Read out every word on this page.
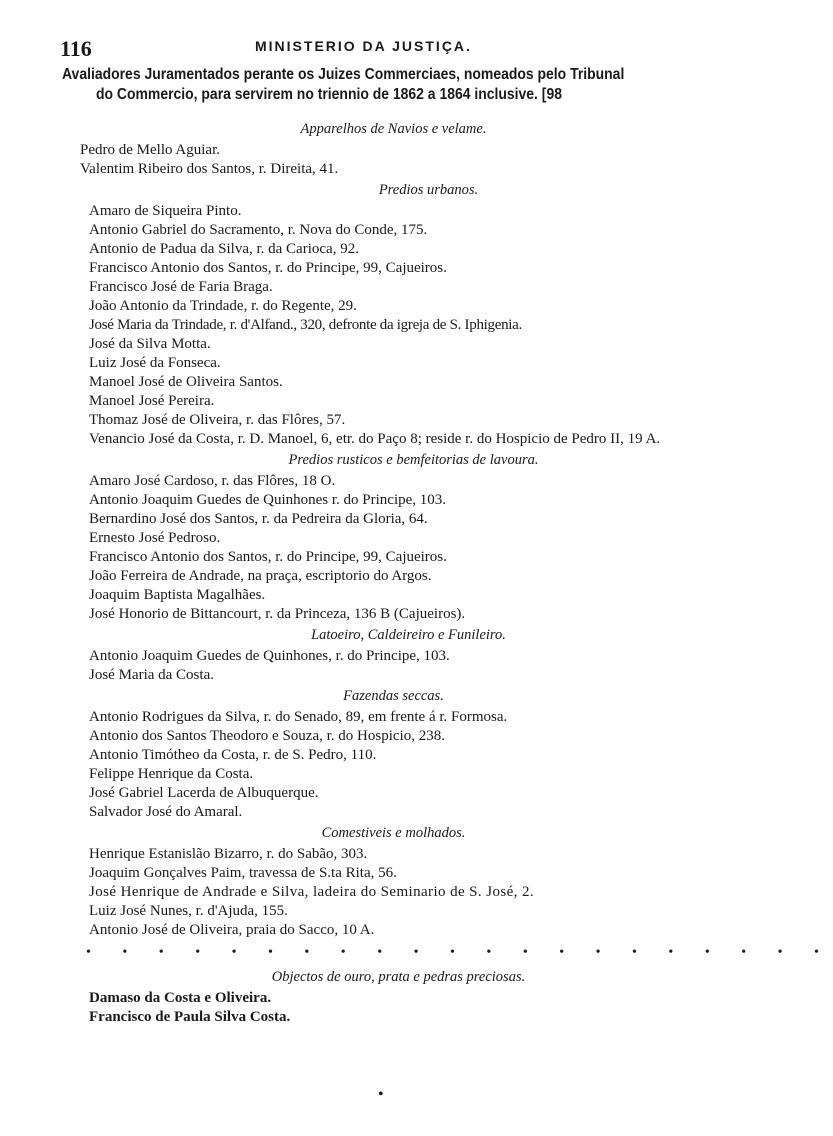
116	MINISTERIO DA JUSTIÇA.
Avaliadores Juramentados perante os Juizes Commerciaes, nomeados pelo Tribunal
do Commercio, para servirem no triennio de 1862 a 1864 inclusive. [98
Apparelhos de Navios e velame.
Pedro de Mello Aguiar.
Valentim Ribeiro dos Santos, r. Direita, 41.
Predios urbanos.
Amaro de Siqueira Pinto.
Antonio Gabriel do Sacramento, r. Nova do Conde, 175.
Antonio de Padua da Silva, r. da Carioca, 92.
Francisco Antonio dos Santos, r. do Principe, 99, Cajueiros.
Francisco José de Faria Braga.
João Antonio da Trindade, r. do Regente, 29.
José Maria da Trindade, r. d'Alfand., 320, defronte da igreja de S. Iphigenia.
José da Silva Motta.
Luiz José da Fonseca.
Manoel José de Oliveira Santos.
Manoel José Pereira.
Thomaz José de Oliveira, r. das Flôres, 57.
Venancio José da Costa, r. D. Manoel, 6, etr. do Paço 8; reside r. do Hospicio de Pedro II, 19 A.
Predios rusticos e bemfeitorias de lavoura.
Amaro José Cardoso, r. das Flôres, 18 O.
Antonio Joaquim Guedes de Quinhones r. do Principe, 103.
Bernardino José dos Santos, r. da Pedreira da Gloria, 64.
Ernesto José Pedroso.
Francisco Antonio dos Santos, r. do Principe, 99, Cajueiros.
João Ferreira de Andrade, na praça, escriptorio do Argos.
Joaquim Baptista Magalhães.
José Honorio de Bittancourt, r. da Princeza, 136 B (Cajueiros).
Latoeiro, Caldeireiro e Funileiro.
Antonio Joaquim Guedes de Quinhones, r. do Principe, 103.
José Maria da Costa.
Fazendas seccas.
Antonio Rodrigues da Silva, r. do Senado, 89, em frente á r. Formosa.
Antonio dos Santos Theodoro e Souza, r. do Hospicio, 238.
Antonio Timótheo da Costa, r. de S. Pedro, 110.
Felippe Henrique da Costa.
José Gabriel Lacerda de Albuquerque.
Salvador José do Amaral.
Comestiveis e molhados.
Henrique Estanislão Bizarro, r. do Sabão, 303.
Joaquim Gonçalves Paim, travessa de S.ta Rita, 56.
José Henrique de Andrade e Silva, ladeira do Seminario de S. José, 2.
Luiz José Nunes, r. d'Ajuda, 155.
Antonio José de Oliveira, praia do Sacco, 10 A.
• • • • • • • • • • • • • • • • • • • • •
Objectos de ouro, prata e pedras preciosas.
Damaso da Costa e Oliveira.
Francisco de Paula Silva Costa.
•
